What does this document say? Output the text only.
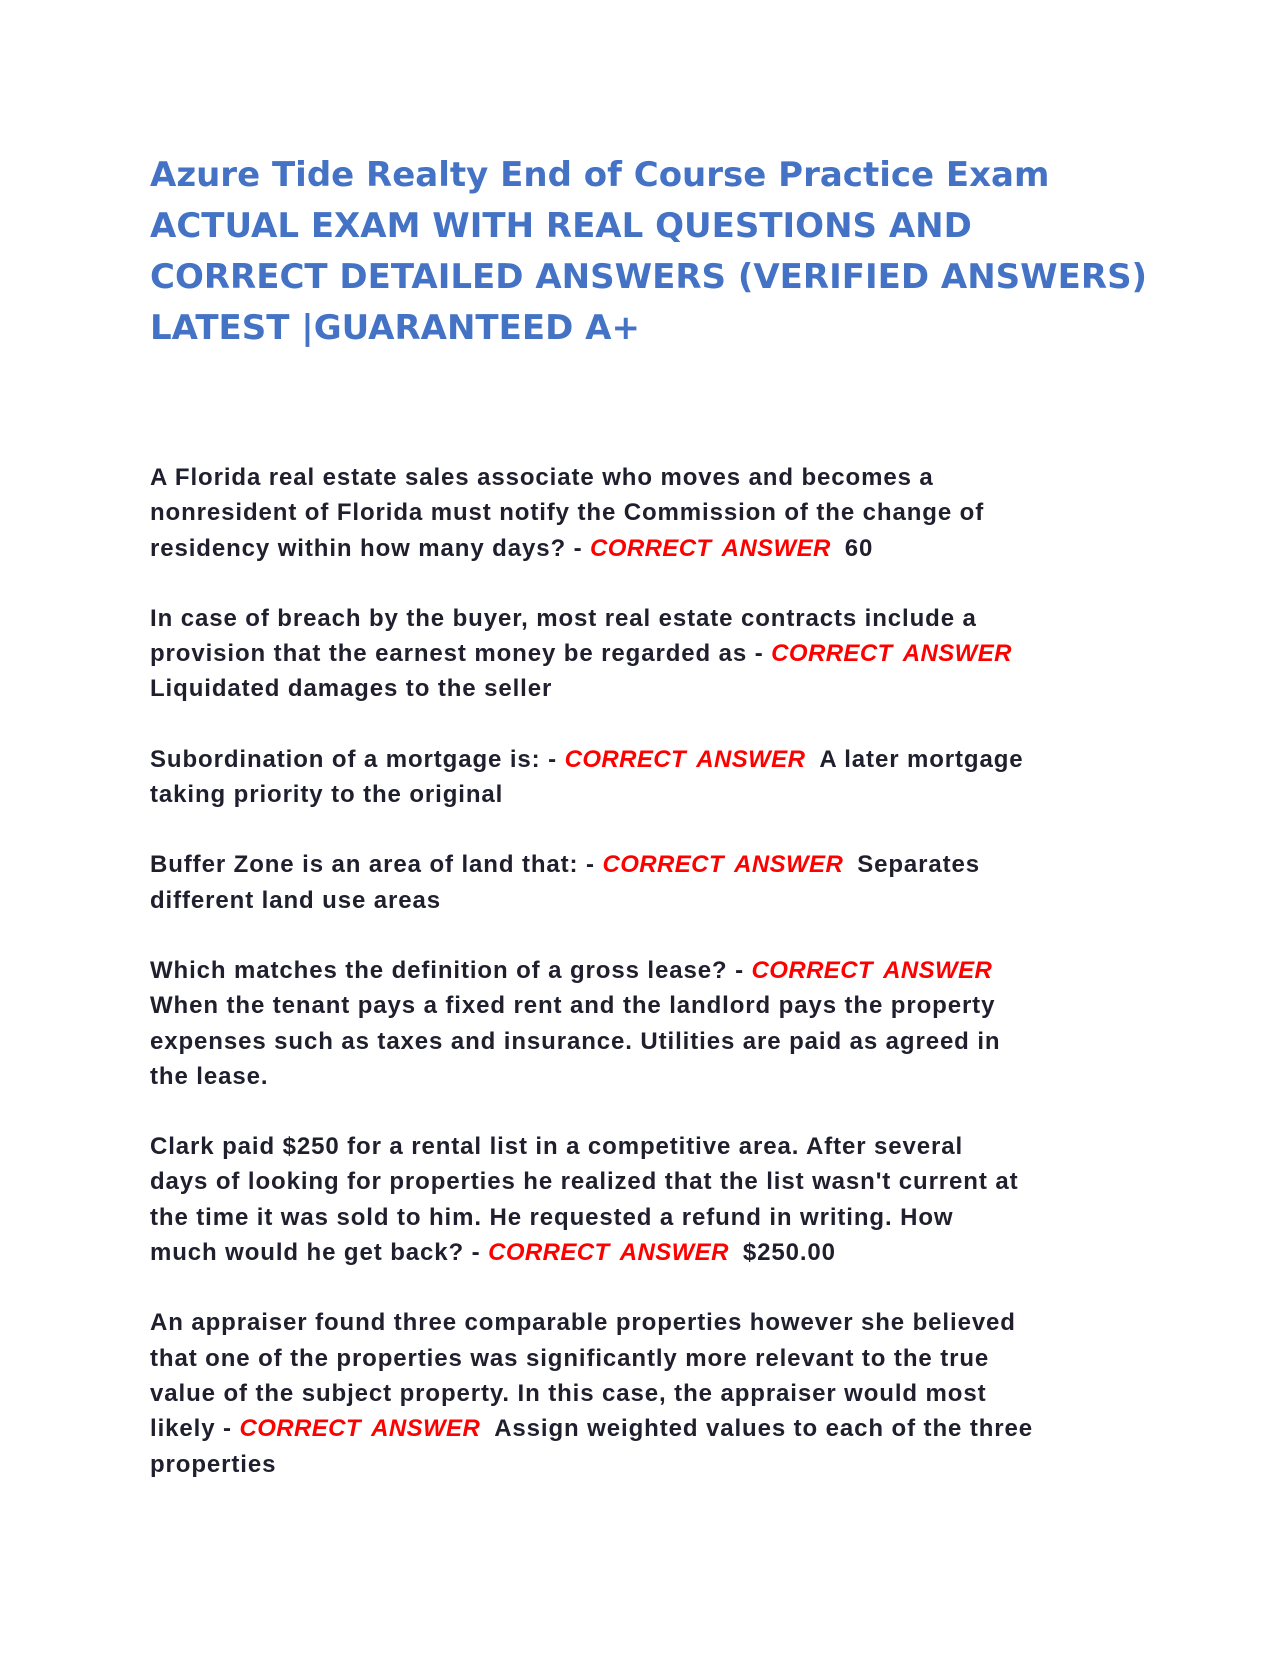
Azure Tide Realty End of Course Practice Exam
ACTUAL EXAM WITH REAL QUESTIONS AND
CORRECT DETAILED ANSWERS (VERIFIED ANSWERS)
LATEST |GUARANTEED A+

A Florida real estate sales associate who moves and becomes a
nonresident of Florida must notify the Commission of the change of
residency within how many days? - CORRECT ANSWER 60

In case of breach by the buyer, most real estate contracts include a
provision that the earnest money be regarded as - CORRECT ANSWER
Liquidated damages to the seller

Subordination of a mortgage is: - CORRECT ANSWER A later mortgage
taking priority to the original

Buffer Zone is an area of land that: - CORRECT ANSWER Separates
different land use areas

Which matches the definition of a gross lease? - CORRECT ANSWER
When the tenant pays a fixed rent and the landlord pays the property
expenses such as taxes and insurance. Utilities are paid as agreed in
the lease.

Clark paid $250 for a rental list in a competitive area. After several
days of looking for properties he realized that the list wasn't current at
the time it was sold to him. He requested a refund in writing. How
much would he get back? - CORRECT ANSWER $250.00

An appraiser found three comparable properties however she believed
that one of the properties was significantly more relevant to the true
value of the subject property. In this case, the appraiser would most
likely - CORRECT ANSWER Assign weighted values to each of the three
properties
